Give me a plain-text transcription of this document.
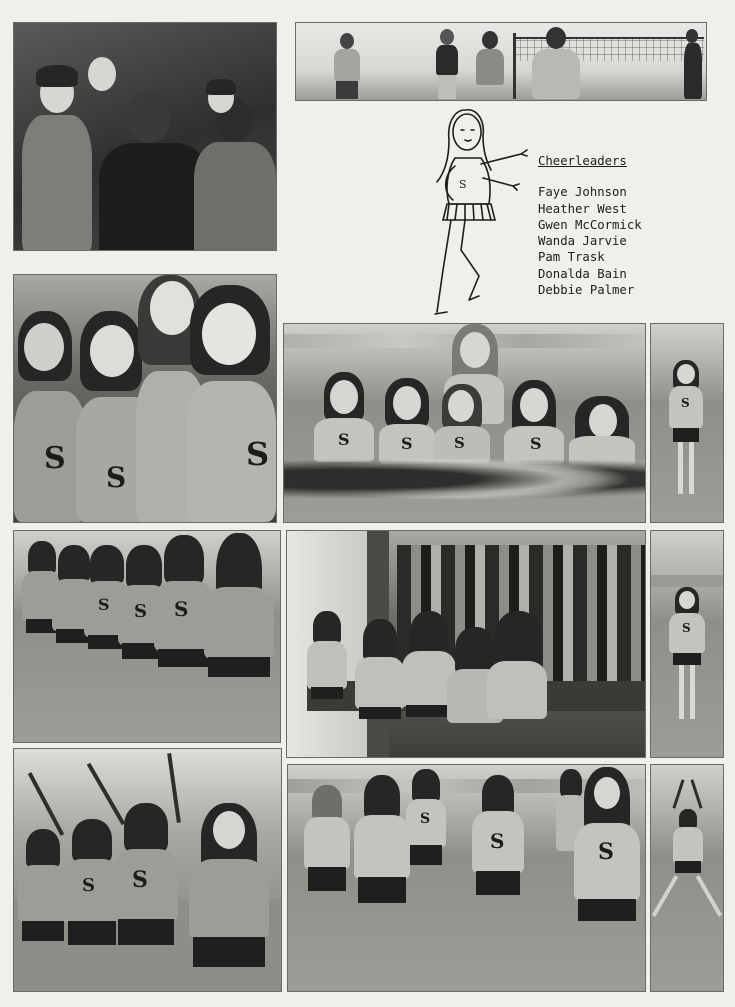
S
Cheerleaders
Faye Johnson
Heather West
Gwen McCormick
Wanda Jarvie
Pam Trask
Donalda Bain
Debbie Palmer
S
S
S	S	S	S	S
S
S S S
S
S S
S
S	S
